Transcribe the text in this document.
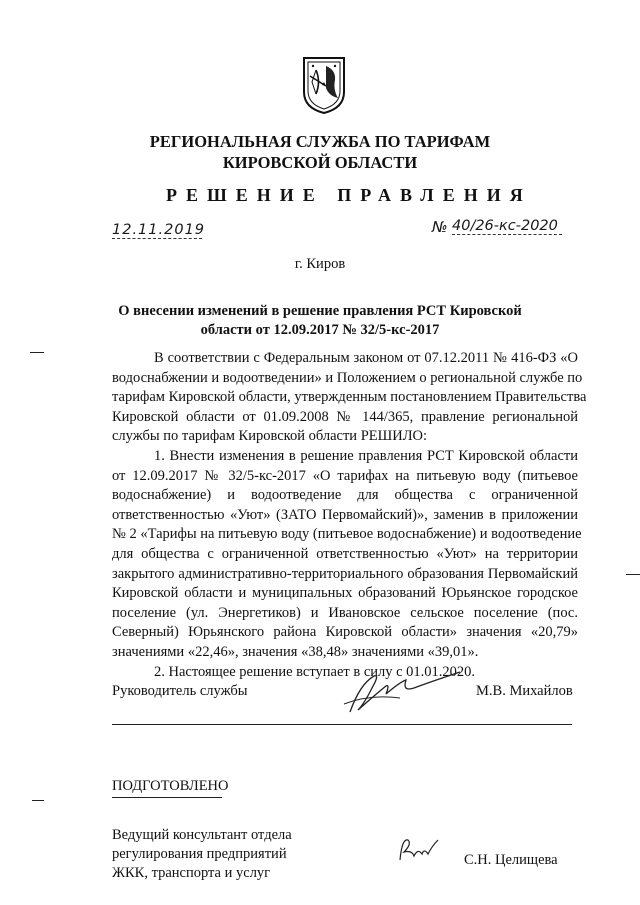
РЕГИОНАЛЬНАЯ СЛУЖБА ПО ТАРИФАМ
КИРОВСКОЙ ОБЛАСТИ
РЕШЕНИЕ ПРАВЛЕНИЯ
12.11.2019	№ 40/26-кс-2020
г. Киров
О внесении изменений в решение правления РСТ Кировской
области от 12.09.2017 № 32/5-кс-2017
В соответствии с Федеральным законом от 07.12.2011 № 416-ФЗ «О
водоснабжении и водоотведении» и Положением о региональной службе по
тарифам Кировской области, утвержденным постановлением Правительства
Кировской области от 01.09.2008 № 144/365, правление региональной
службы по тарифам Кировской области РЕШИЛО:
1. Внести изменения в решение правления РСТ Кировской области
от 12.09.2017 № 32/5-кс-2017 «О тарифах на питьевую воду (питьевое
водоснабжение) и водоотведение для общества с ограниченной
ответственностью «Уют» (ЗАТО Первомайский)», заменив в приложении
№ 2 «Тарифы на питьевую воду (питьевое водоснабжение) и водоотведение
для общества с ограниченной ответственностью «Уют» на территории
закрытого административно-территориального образования Первомайский
Кировской области и муниципальных образований Юрьянское городское
поселение (ул. Энергетиков) и Ивановское сельское поселение (пос.
Северный) Юрьянского района Кировской области» значения «20,79»
значениями «22,46», значения «38,48» значениями «39,01».
2. Настоящее решение вступает в силу с 01.01.2020.
Руководитель службы	М.В. Михайлов
ПОДГОТОВЛЕНО
Ведущий консультант отдела
регулирования предприятий
ЖКК, транспорта и услуг
С.Н. Целищева
